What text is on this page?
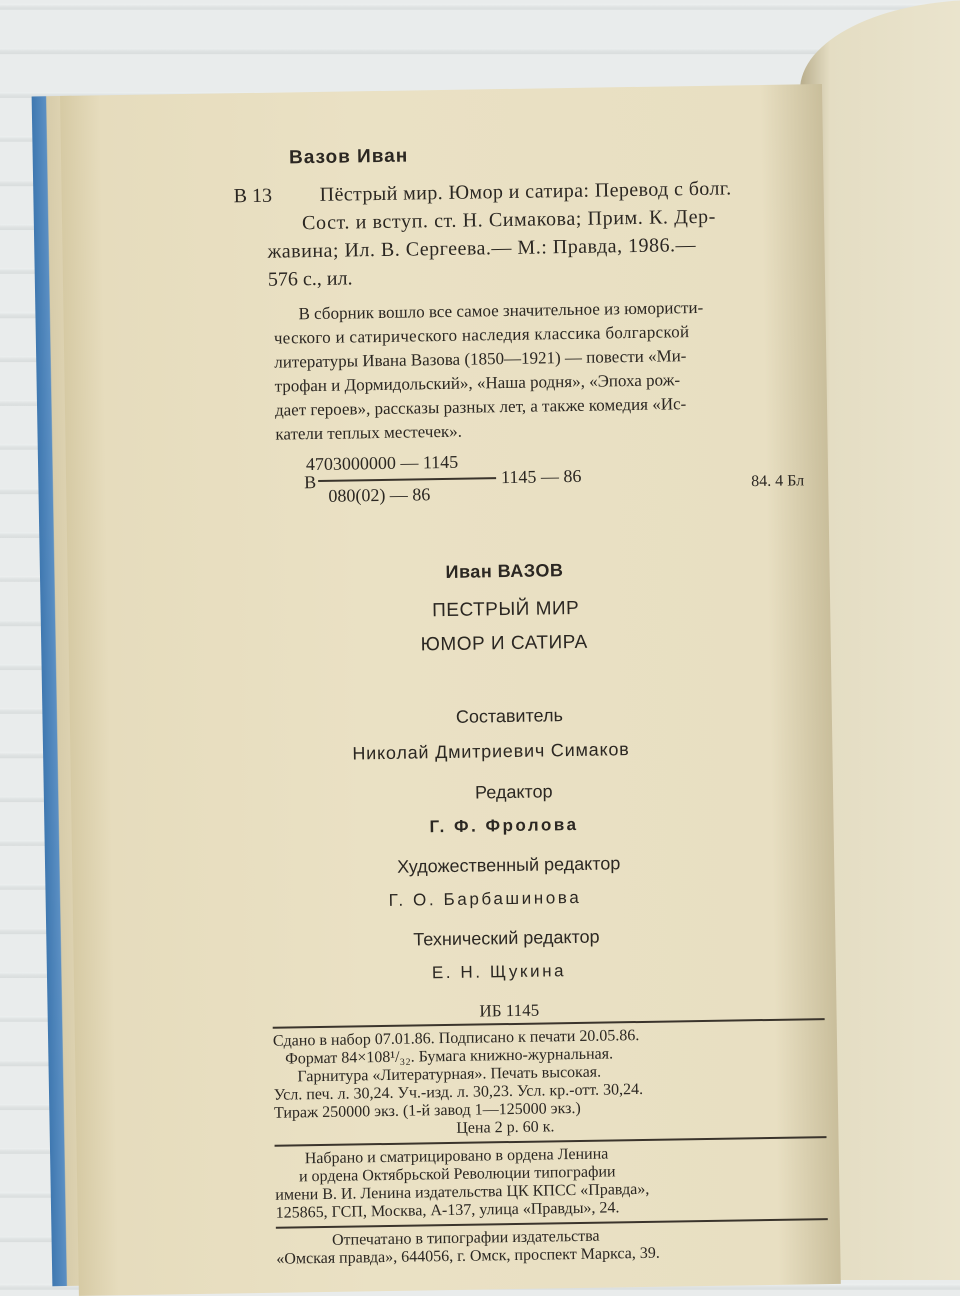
Вазов Иван
В 13 Пёстрый мир. Юмор и сатира: Перевод с болг.
Сост. и вступ. ст. Н. Симакова; Прим. К. Дер-
жавина; Ил. В. Сергеева.— М.: Правда, 1986.—
576 с., ил.
В сборник вошло все самое значительное из юмористи-
ческого и сатирического наследия классика болгарской
литературы Ивана Вазова (1850—1921) — повести «Ми-
трофан и Дормидольский», «Наша родня», «Эпоха рож-
дает героев», рассказы разных лет, а также комедия «Ис-
катели теплых местечек».
4703000000 — 1145
В
080(02) — 86
1145 — 86	84. 4 Бл
Иван ВАЗОВ
ПЕСТРЫЙ МИР
ЮМОР И САТИРА
Составитель
Николай Дмитриевич Симаков
Редактор
Г. Ф. Фролова
Художественный редактор
Г. О. Барбашинова
Технический редактор
Е. Н. Щукина
ИБ 1145
Сдано в набор 07.01.86. Подписано к печати 20.05.86.
Формат 84×108¹/₃₂. Бумага книжно-журнальная.
Гарнитура «Литературная». Печать высокая.
Усл. печ. л. 30,24. Уч.-изд. л. 30,23. Усл. кр.-отт. 30,24.
Тираж 250000 экз. (1-й завод 1—125000 экз.)
Цена 2 р. 60 к.
Набрано и сматрицировано в ордена Ленина
и ордена Октябрьской Революции типографии
имени В. И. Ленина издательства ЦК КПСС «Правда»,
125865, ГСП, Москва, А-137, улица «Правды», 24.
Отпечатано в типографии издательства
«Омская правда», 644056, г. Омск, проспект Маркса, 39.
